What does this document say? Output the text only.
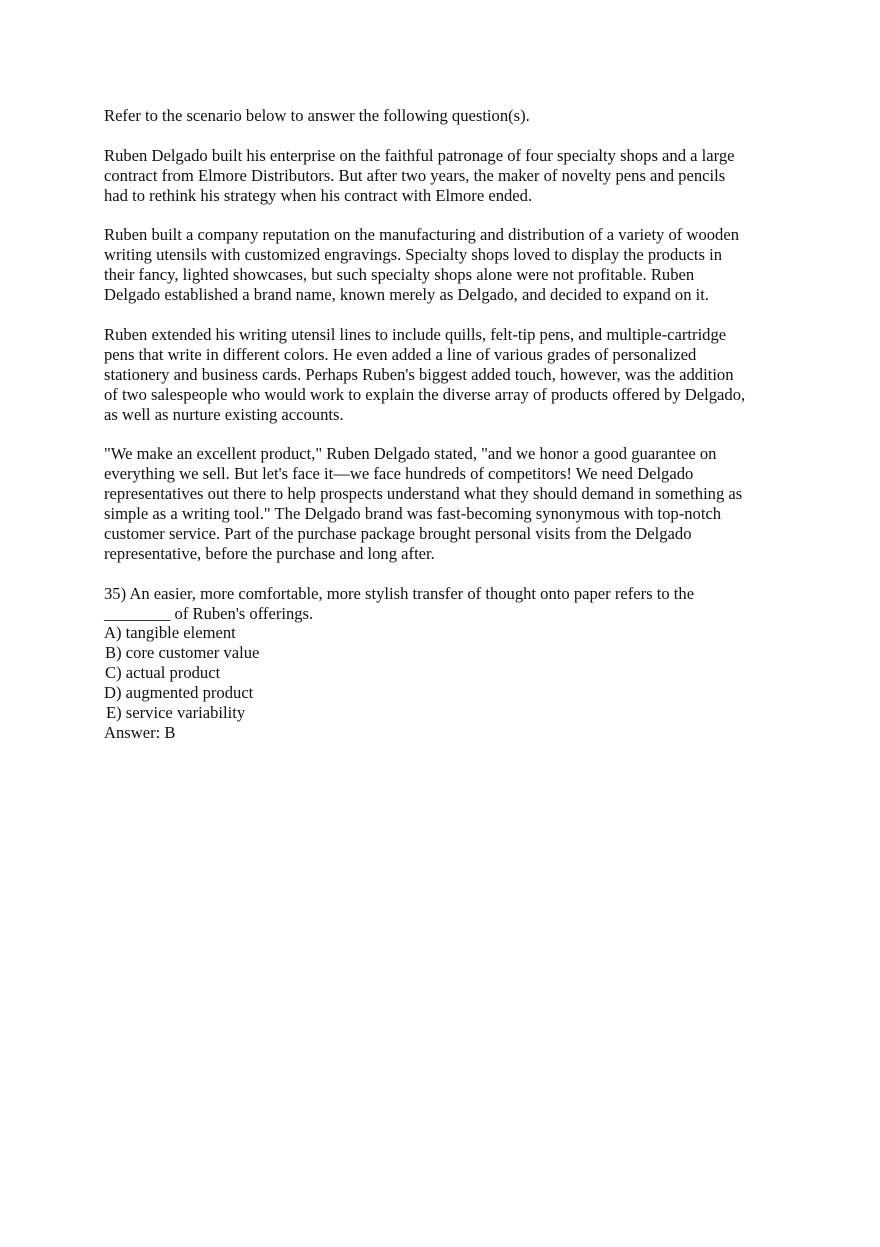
Refer to the scenario below to answer the following question(s).

Ruben Delgado built his enterprise on the faithful patronage of four specialty shops and a large
contract from Elmore Distributors. But after two years, the maker of novelty pens and pencils
had to rethink his strategy when his contract with Elmore ended.

Ruben built a company reputation on the manufacturing and distribution of a variety of wooden
writing utensils with customized engravings. Specialty shops loved to display the products in
their fancy, lighted showcases, but such specialty shops alone were not profitable. Ruben
Delgado established a brand name, known merely as Delgado, and decided to expand on it.

Ruben extended his writing utensil lines to include quills, felt-tip pens, and multiple-cartridge
pens that write in different colors. He even added a line of various grades of personalized
stationery and business cards. Perhaps Ruben's biggest added touch, however, was the addition
of two salespeople who would work to explain the diverse array of products offered by Delgado,
as well as nurture existing accounts.

"We make an excellent product," Ruben Delgado stated, "and we honor a good guarantee on
everything we sell. But let's face it—we face hundreds of competitors! We need Delgado
representatives out there to help prospects understand what they should demand in something as
simple as a writing tool." The Delgado brand was fast-becoming synonymous with top-notch
customer service. Part of the purchase package brought personal visits from the Delgado
representative, before the purchase and long after.

35) An easier, more comfortable, more stylish transfer of thought onto paper refers to the
________ of Ruben's offerings.
A) tangible element
B) core customer value
C) actual product
D) augmented product
E) service variability
Answer: B
